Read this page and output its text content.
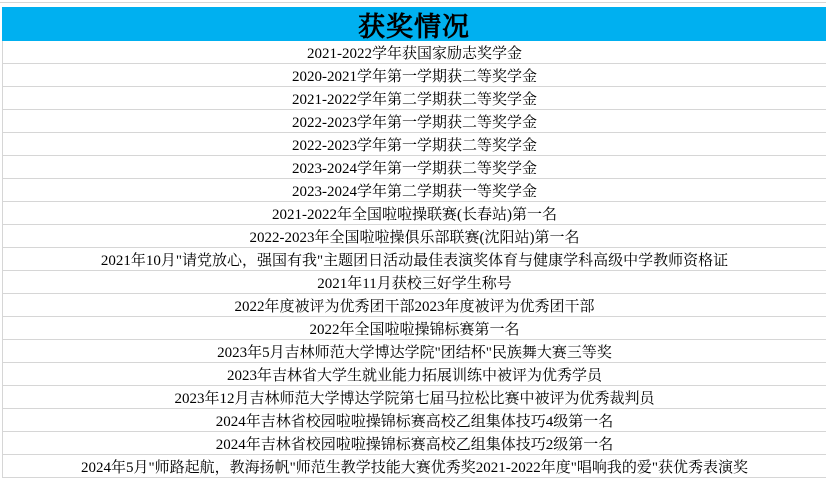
获奖情况
2021-2022学年获国家励志奖学金
2020-2021学年第一学期获二等奖学金
2021-2022学年第二学期获二等奖学金
2022-2023学年第一学期获二等奖学金
2022-2023学年第一学期获二等奖学金
2023-2024学年第一学期获二等奖学金
2023-2024学年第二学期获一等奖学金
2021-2022年全国啦啦操联赛(长春站)第一名
2022-2023年全国啦啦操俱乐部联赛(沈阳站)第一名
2021年10月"请党放心，强国有我"主题团日活动最佳表演奖体育与健康学科高级中学教师资格证
2021年11月获校三好学生称号
2022年度被评为优秀团干部2023年度被评为优秀团干部
2022年全国啦啦操锦标赛第一名
2023年5月吉林师范大学博达学院"团结杯"民族舞大赛三等奖
2023年吉林省大学生就业能力拓展训练中被评为优秀学员
2023年12月吉林师范大学博达学院第七届马拉松比赛中被评为优秀裁判员
2024年吉林省校园啦啦操锦标赛高校乙组集体技巧4级第一名
2024年吉林省校园啦啦操锦标赛高校乙组集体技巧2级第一名
2024年5月"师路起航，教海扬帆"师范生教学技能大赛优秀奖2021-2022年度"唱响我的爱"获优秀表演奖
